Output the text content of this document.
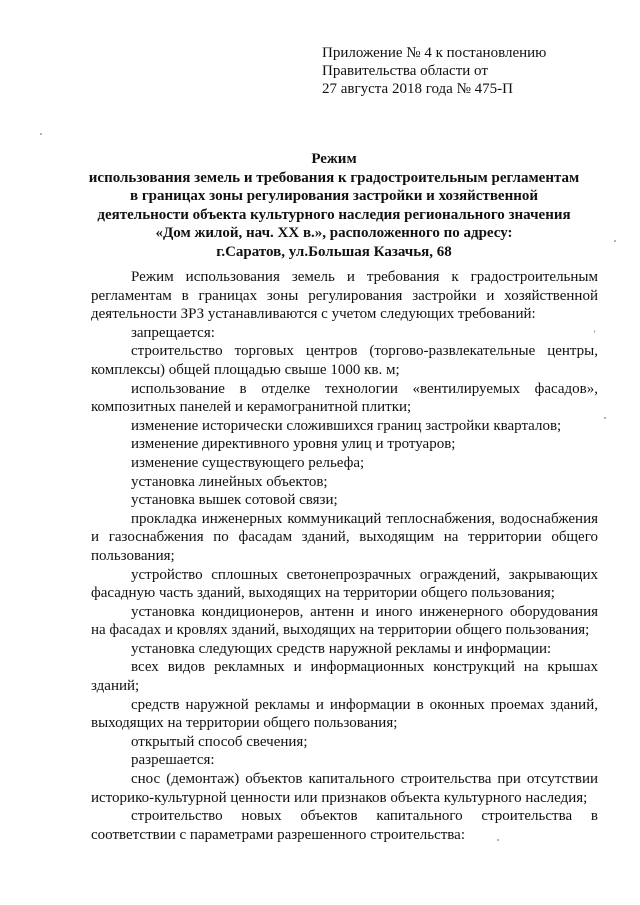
Приложение № 4 к постановлению
Правительства области от
27 августа 2018 года № 475-П
Режим
использования земель и требования к градостроительным регламентам
в границах зоны регулирования застройки и хозяйственной
деятельности объекта культурного наследия регионального значения
«Дом жилой, нач. XX в.», расположенного по адресу:
г.Саратов, ул.Большая Казачья, 68

Режим использования земель и требования к градостроительным регламентам в границах зоны регулирования застройки и хозяйственной деятельности ЗРЗ устанавливаются с учетом следующих требований:

запрещается:

строительство торговых центров (торгово-развлекательные центры, комплексы) общей площадью свыше 1000 кв. м;

использование в отделке технологии «вентилируемых фасадов», композитных панелей и керамогранитной плитки;

изменение исторически сложившихся границ застройки кварталов;

изменение директивного уровня улиц и тротуаров;

изменение существующего рельефа;

установка линейных объектов;

установка вышек сотовой связи;

прокладка инженерных коммуникаций теплоснабжения, водоснабжения и газоснабжения по фасадам зданий, выходящим на территории общего пользования;

устройство сплошных светонепрозрачных ограждений, закрывающих фасадную часть зданий, выходящих на территории общего пользования;

установка кондиционеров, антенн и иного инженерного оборудования на фасадах и кровлях зданий, выходящих на территории общего пользования;

установка следующих средств наружной рекламы и информации:

всех видов рекламных и информационных конструкций на крышах зданий;

средств наружной рекламы и информации в оконных проемах зданий, выходящих на территории общего пользования;

открытый способ свечения;

разрешается:

снос (демонтаж) объектов капитального строительства при отсутствии историко-культурной ценности или признаков объекта культурного наследия;

строительство новых объектов капитального строительства в соответствии с параметрами разрешенного строительства:
